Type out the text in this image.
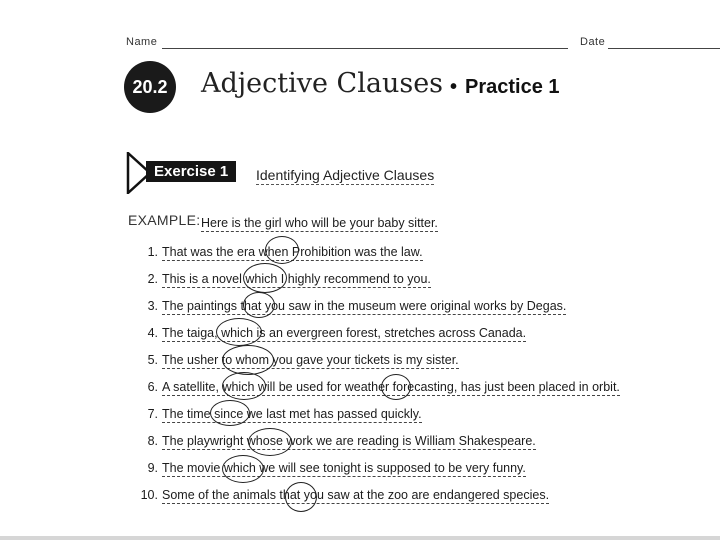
Name	Date
20.2	Adjective Clauses • Practice 1
Exercise 1	Identifying Adjective Clauses
EXAMPLE: Here is the girl who will be your baby sitter.
1. That was the era when Prohibition was the law.
2. This is a novel which I highly recommend to you.
3. The paintings that you saw in the museum were original works by Degas.
4. The taiga, which is an evergreen forest, stretches across Canada.
5. The usher to whom you gave your tickets is my sister.
6. A satellite, which will be used for weather forecasting, has just been placed in orbit.
7. The time since we last met has passed quickly.
8. The playwright whose work we are reading is William Shakespeare.
9. The movie which we will see tonight is supposed to be very funny.
10. Some of the animals that you saw at the zoo are endangered species.
